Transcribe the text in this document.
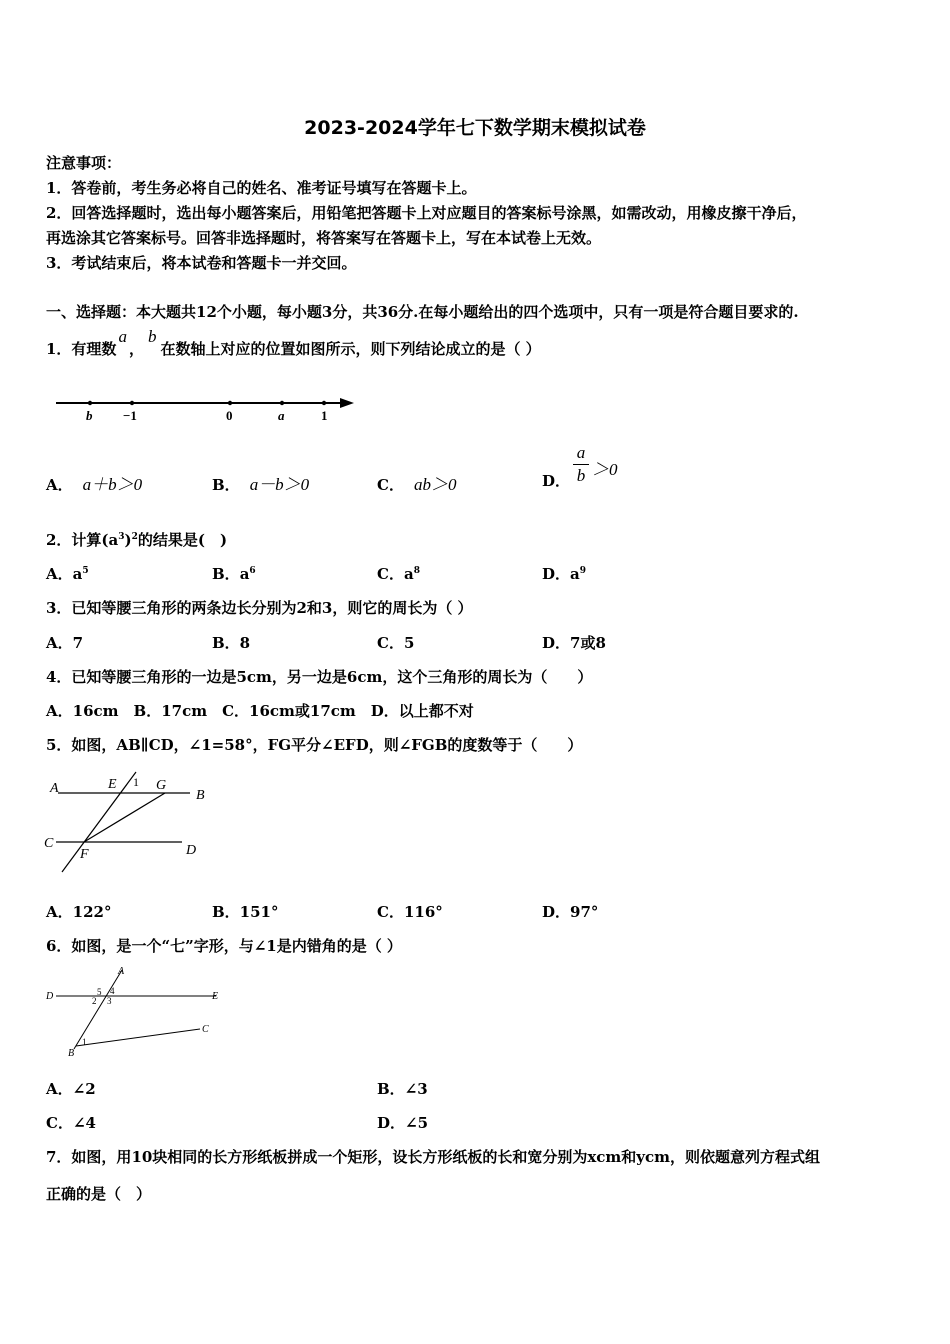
2023-2024学年七下数学期末模拟试卷
注意事项：
1．答卷前，考生务必将自己的姓名、准考证号填写在答题卡上。
2．回答选择题时，选出每小题答案后，用铅笔把答题卡上对应题目的答案标号涂黑，如需改动，用橡皮擦干净后，
再选涂其它答案标号。回答非选择题时，将答案写在答题卡上，写在本试卷上无效。
3．考试结束后，将本试卷和答题卡一并交回。
一、选择题：本大题共12个小题，每小题3分，共36分.在每小题给出的四个选项中，只有一项是符合题目要求的.
1．有理数a，b在数轴上对应的位置如图所示，则下列结论成立的是（ ）
b −1	0	a	1
A． a＋b＞0	B． a－b＞0	C． ab＞0	D．
a
b ＞0
2．计算$(a^3)^2$的结果是(　)
A．$a^5$	B．$a^6$	C．$a^8$	D．$a^9$
3．已知等腰三角形的两条边长分别为2和3，则它的周长为（ ）
A．7	B．8	C．5	D．7或8
4．已知等腰三角形的一边是5cm，另一边是6cm，这个三角形的周长为（　　）
A．16cm　B．17cm　C．16cm或17cm　D．以上都不对
5．如图，AB∥CD，∠1=58°，FG平分∠EFD，则∠FGB的度数等于（　　）
A	E 1 G
B
C
F	D
A．122°	B．151°	C．116°	D．97°
6．如图，是一个“七”字形，与∠1是内错角的是（ ）
A
D	5 4
2 3	E
C
1
B
A．∠2	B．∠3
C．∠4	D．∠5
7．如图，用10块相同的长方形纸板拼成一个矩形，设长方形纸板的长和宽分别为xcm和ycm，则依题意列方程式组
正确的是（　）
